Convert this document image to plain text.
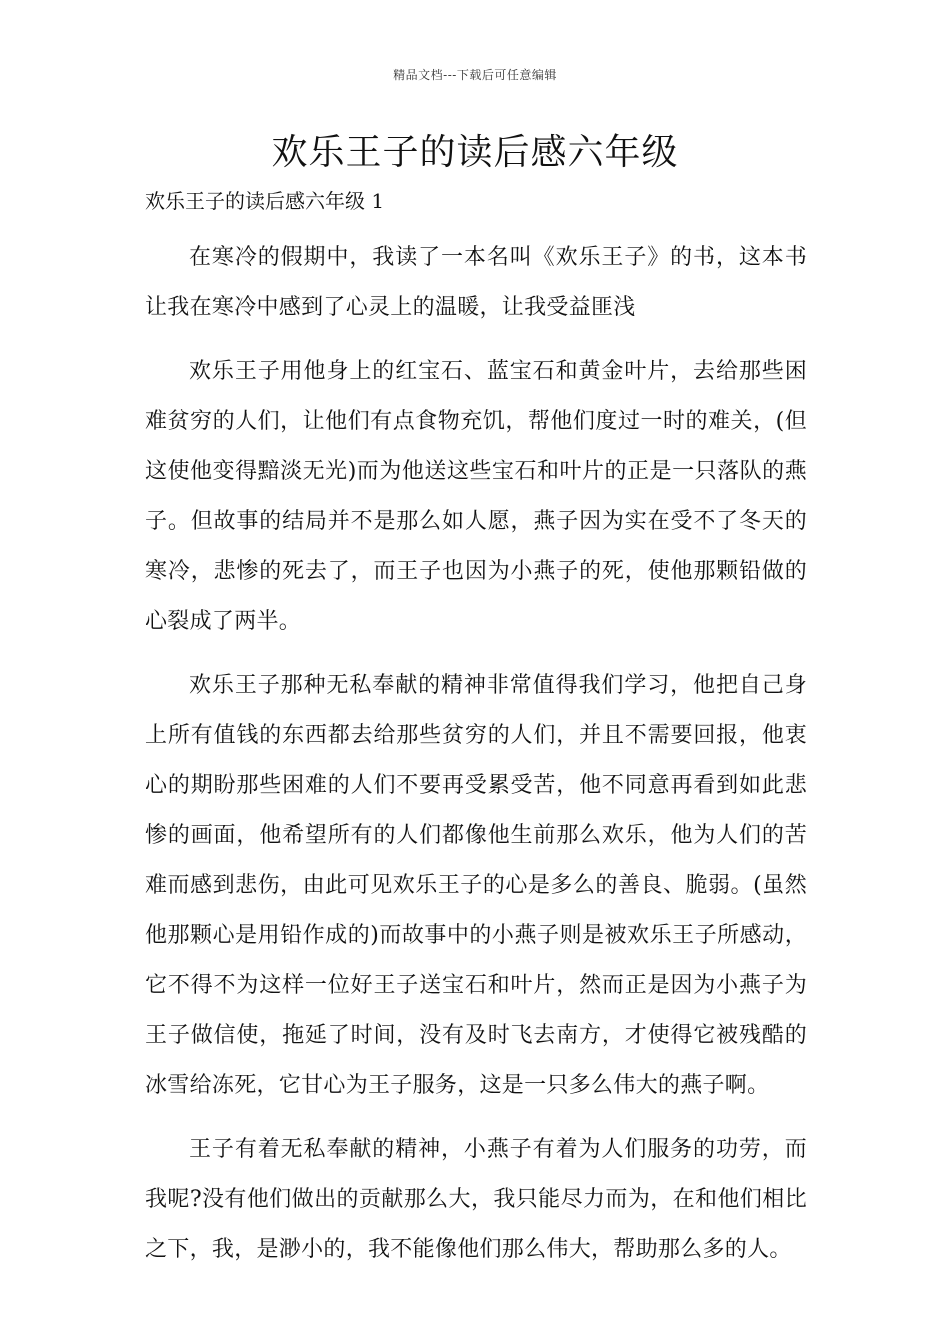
精品文档---下载后可任意编辑
欢乐王子的读后感六年级

欢乐王子的读后感六年级 1

在寒冷的假期中，我读了一本名叫《欢乐王子》的书，这本书让我在寒冷中感到了心灵上的温暖，让我受益匪浅

欢乐王子用他身上的红宝石、蓝宝石和黄金叶片，去给那些困难贫穷的人们，让他们有点食物充饥，帮他们度过一时的难关，(但这使他变得黯淡无光)而为他送这些宝石和叶片的正是一只落队的燕子。但故事的结局并不是那么如人愿，燕子因为实在受不了冬天的寒冷，悲惨的死去了，而王子也因为小燕子的死，使他那颗铅做的心裂成了两半。

欢乐王子那种无私奉献的精神非常值得我们学习，他把自己身上所有值钱的东西都去给那些贫穷的人们，并且不需要回报，他衷心的期盼那些困难的人们不要再受累受苦，他不同意再看到如此悲惨的画面，他希望所有的人们都像他生前那么欢乐，他为人们的苦难而感到悲伤，由此可见欢乐王子的心是多么的善良、脆弱。(虽然他那颗心是用铅作成的)而故事中的小燕子则是被欢乐王子所感动，它不得不为这样一位好王子送宝石和叶片，然而正是因为小燕子为王子做信使，拖延了时间，没有及时飞去南方，才使得它被残酷的冰雪给冻死，它甘心为王子服务，这是一只多么伟大的燕子啊。

王子有着无私奉献的精神，小燕子有着为人们服务的功劳，而我呢?没有他们做出的贡献那么大，我只能尽力而为，在和他们相比之下，我，是渺小的，我不能像他们那么伟大，帮助那么多的人。
